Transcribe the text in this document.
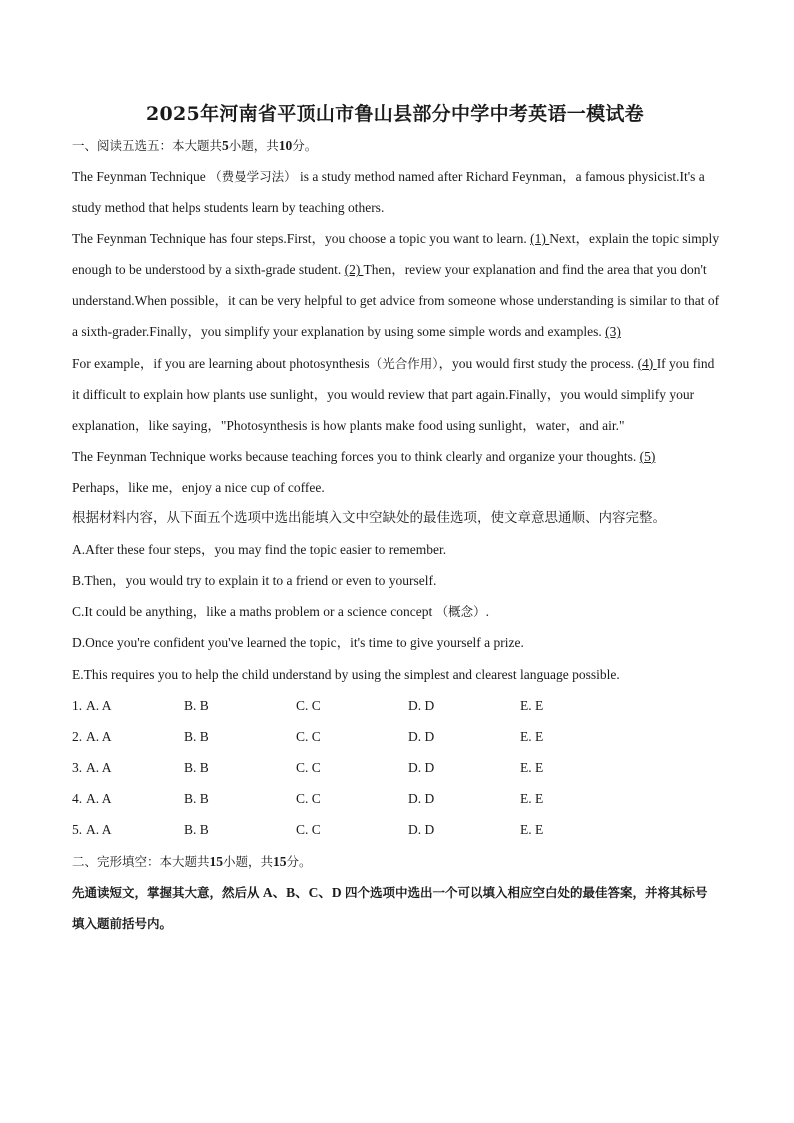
2025年河南省平顶山市鲁山县部分中学中考英语一模试卷
一、阅读五选五：本大题共5小题，共10分。

The Feynman Technique （费曼学习法） is a study method named after Richard Feynman，a famous physicist.It's a study method that helps students learn by teaching others.

The Feynman Technique has four steps.First，you choose a topic you want to learn. (1) Next，explain the topic simply enough to be understood by a sixth-grade student. (2) Then，review your explanation and find the area that you don't understand.When possible，it can be very helpful to get advice from someone whose understanding is similar to that of a sixth-grader.Finally，you simplify your explanation by using some simple words and examples. (3)

For example，if you are learning about photosynthesis（光合作用），you would first study the process. (4) If you find it difficult to explain how plants use sunlight，you would review that part again.Finally，you would simplify your explanation，like saying，"Photosynthesis is how plants make food using sunlight，water，and air."

The Feynman Technique works because teaching forces you to think clearly and organize your thoughts. (5)
Perhaps，like me，enjoy a nice cup of coffee.

根据材料内容，从下面五个选项中选出能填入文中空缺处的最佳选项，使文章意思通顺、内容完整。
A.After these four steps，you may find the topic easier to remember.
B.Then，you would try to explain it to a friend or even to yourself.
C.It could be anything，like a maths problem or a science concept （概念）.
D.Once you're confident you've learned the topic，it's time to give yourself a prize.
E.This requires you to help the child understand by using the simplest and clearest language possible.
1. A. A	B. B	C. C	D. D	E. E
2. A. A	B. B	C. C	D. D	E. E
3. A. A	B. B	C. C	D. D	E. E
4. A. A	B. B	C. C	D. D	E. E
5. A. A	B. B	C. C	D. D	E. E
二、完形填空：本大题共15小题，共15分。

先通读短文，掌握其大意，然后从 A、B、C、D 四个选项中选出一个可以填入相应空白处的最佳答案，并将其标号填入题前括号内。
